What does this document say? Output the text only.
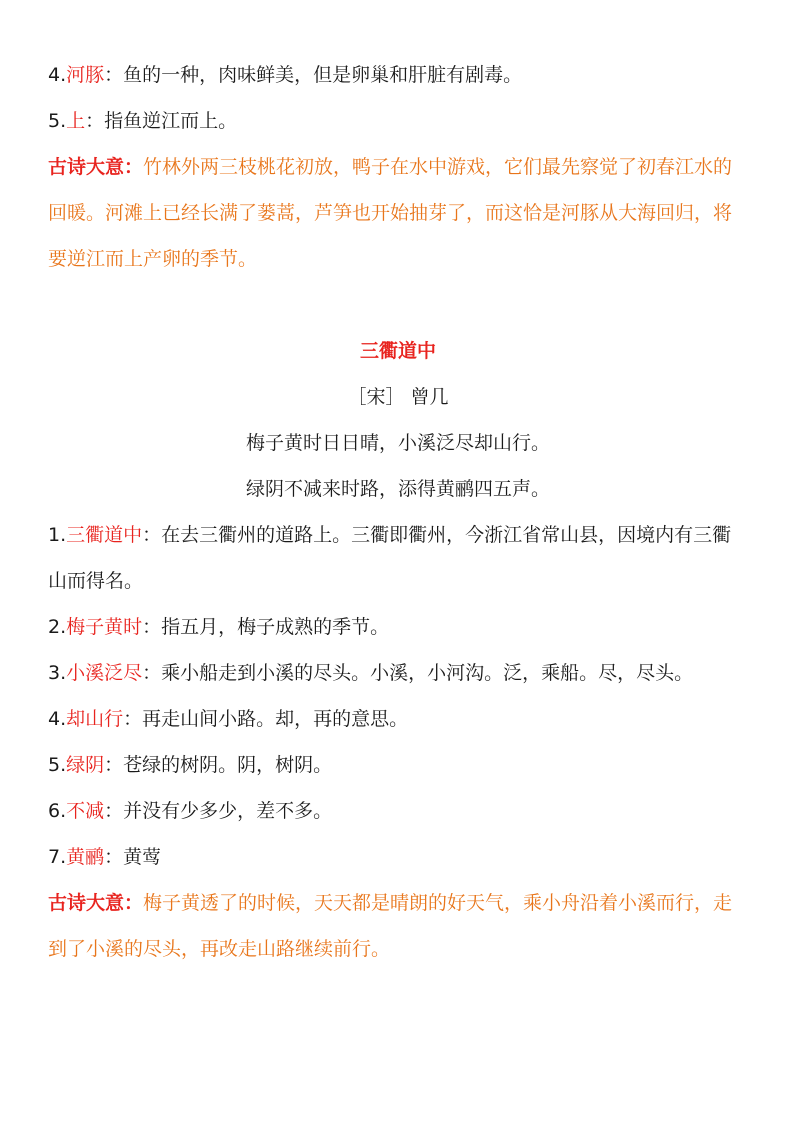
4.河豚：鱼的一种，肉味鲜美，但是卵巢和肝脏有剧毒。
5.上：指鱼逆江而上。
古诗大意：竹林外两三枝桃花初放，鸭子在水中游戏，它们最先察觉了初春江水的回暖。河滩上已经长满了蒌蒿，芦笋也开始抽芽了，而这恰是河豚从大海回归，将要逆江而上产卵的季节。
三衢道中
［宋］ 曾几
梅子黄时日日晴，小溪泛尽却山行。
绿阴不减来时路，添得黄鹂四五声。
1.三衢道中：在去三衢州的道路上。三衢即衢州，今浙江省常山县，因境内有三衢山而得名。
2.梅子黄时：指五月，梅子成熟的季节。
3.小溪泛尽：乘小船走到小溪的尽头。小溪，小河沟。泛，乘船。尽，尽头。
4.却山行：再走山间小路。却，再的意思。
5.绿阴：苍绿的树阴。阴，树阴。
6.不减：并没有少多少，差不多。
7.黄鹂：黄莺
古诗大意：梅子黄透了的时候，天天都是晴朗的好天气，乘小舟沿着小溪而行，走到了小溪的尽头，再改走山路继续前行。
